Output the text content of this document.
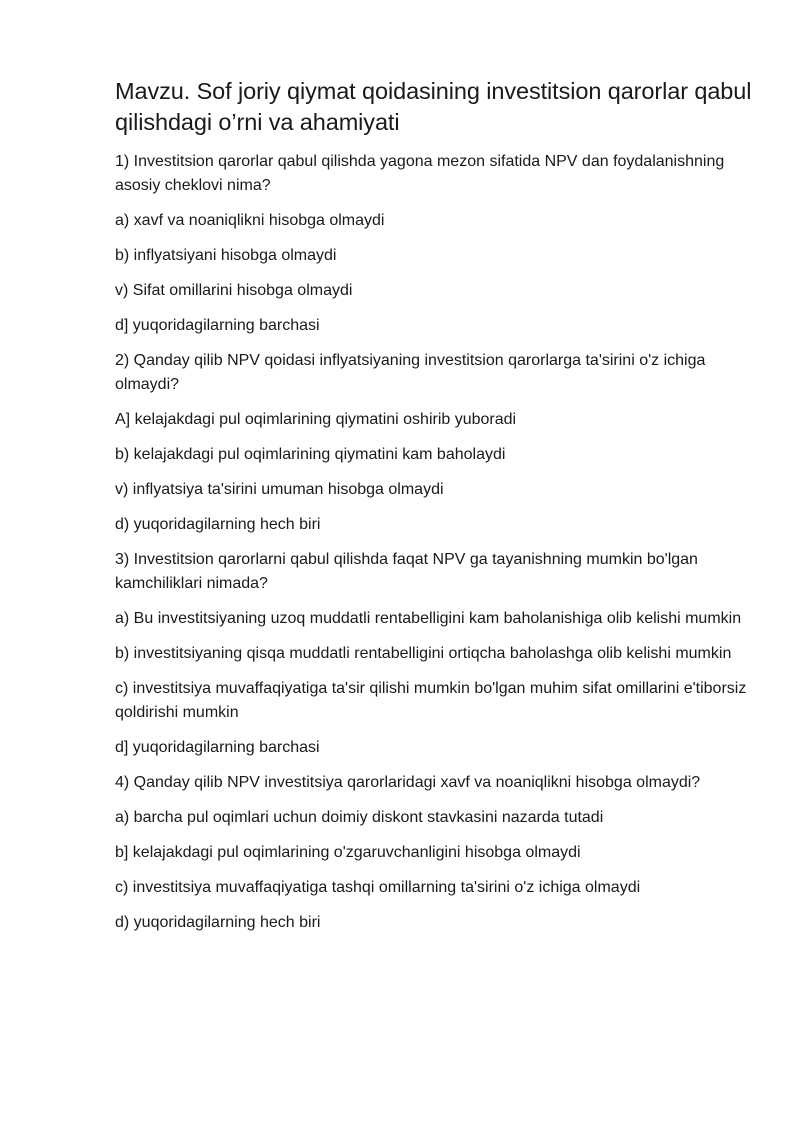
Mavzu. Sof joriy qiymat qoidasining investitsion qarorlar qabul qilishdagi o’rni va ahamiyati

1) Investitsion qarorlar qabul qilishda yagona mezon sifatida NPV dan foydalanishning asosiy cheklovi nima?

a) xavf va noaniqlikni hisobga olmaydi
b) inflyatsiyani hisobga olmaydi
v) Sifat omillarini hisobga olmaydi
d] yuqoridagilarning barchasi

2) Qanday qilib NPV qoidasi inflyatsiyaning investitsion qarorlarga ta'sirini o'z ichiga olmaydi?

A] kelajakdagi pul oqimlarining qiymatini oshirib yuboradi
b) kelajakdagi pul oqimlarining qiymatini kam baholaydi
v) inflyatsiya ta'sirini umuman hisobga olmaydi
d) yuqoridagilarning hech biri

3) Investitsion qarorlarni qabul qilishda faqat NPV ga tayanishning mumkin bo'lgan kamchiliklari nimada?

a) Bu investitsiyaning uzoq muddatli rentabelligini kam baholanishiga olib kelishi mumkin
b) investitsiyaning qisqa muddatli rentabelligini ortiqcha baholashga olib kelishi mumkin
c) investitsiya muvaffaqiyatiga ta'sir qilishi mumkin bo'lgan muhim sifat omillarini e'tiborsiz qoldirishi mumkin
d] yuqoridagilarning barchasi

4) Qanday qilib NPV investitsiya qarorlaridagi xavf va noaniqlikni hisobga olmaydi?

a) barcha pul oqimlari uchun doimiy diskont stavkasini nazarda tutadi
b] kelajakdagi pul oqimlarining o'zgaruvchanligini hisobga olmaydi
c) investitsiya muvaffaqiyatiga tashqi omillarning ta'sirini o'z ichiga olmaydi
d) yuqoridagilarning hech biri
